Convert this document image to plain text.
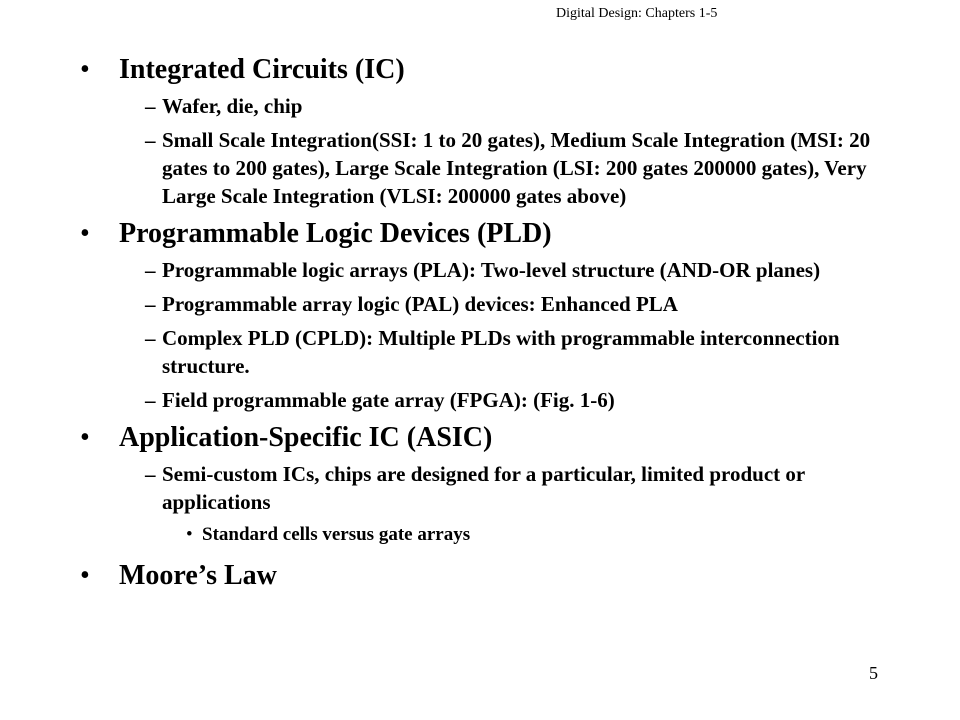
Digital Design: Chapters 1-5
• Integrated Circuits (IC)
– Wafer, die, chip
– Small Scale Integration(SSI: 1 to 20 gates), Medium Scale Integration (MSI: 20 gates to 200 gates), Large Scale Integration (LSI: 200 gates 200000 gates), Very Large Scale Integration (VLSI: 200000 gates above)
• Programmable Logic Devices (PLD)
– Programmable logic arrays (PLA): Two-level structure (AND-OR planes)
– Programmable array logic (PAL) devices: Enhanced PLA
– Complex PLD (CPLD): Multiple PLDs with programmable interconnection structure.
– Field programmable gate array (FPGA): (Fig. 1-6)
• Application-Specific IC (ASIC)
– Semi-custom ICs, chips are designed for a particular, limited product or applications
• Standard cells versus gate arrays
• Moore’s Law
5
